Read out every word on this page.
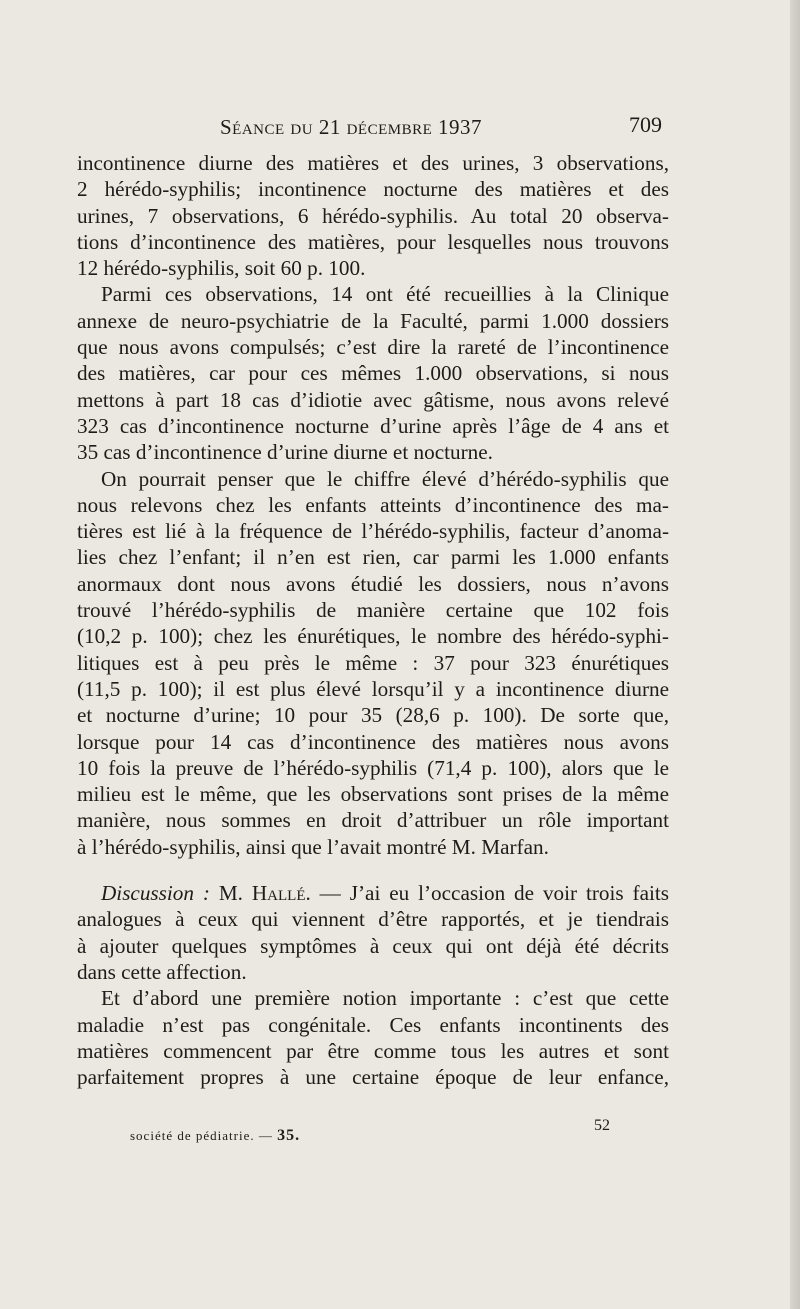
Séance du 21 décembre 1937	709
incontinence diurne des matières et des urines, 3 observations,
2 hérédo-syphilis; incontinence nocturne des matières et des
urines, 7 observations, 6 hérédo-syphilis. Au total 20 observa-
tions d’incontinence des matières, pour lesquelles nous trouvons
12 hérédo-syphilis, soit 60 p. 100.
Parmi ces observations, 14 ont été recueillies à la Clinique
annexe de neuro-psychiatrie de la Faculté, parmi 1.000 dossiers
que nous avons compulsés; c’est dire la rareté de l’incontinence
des matières, car pour ces mêmes 1.000 observations, si nous
mettons à part 18 cas d’idiotie avec gâtisme, nous avons relevé
323 cas d’incontinence nocturne d’urine après l’âge de 4 ans et
35 cas d’incontinence d’urine diurne et nocturne.
On pourrait penser que le chiffre élevé d’hérédo-syphilis que
nous relevons chez les enfants atteints d’incontinence des ma-
tières est lié à la fréquence de l’hérédo-syphilis, facteur d’anoma-
lies chez l’enfant; il n’en est rien, car parmi les 1.000 enfants
anormaux dont nous avons étudié les dossiers, nous n’avons
trouvé l’hérédo-syphilis de manière certaine que 102 fois
(10,2 p. 100); chez les énurétiques, le nombre des hérédo-syphi-
litiques est à peu près le même : 37 pour 323 énurétiques
(11,5 p. 100); il est plus élevé lorsqu’il y a incontinence diurne
et nocturne d’urine; 10 pour 35 (28,6 p. 100). De sorte que,
lorsque pour 14 cas d’incontinence des matières nous avons
10 fois la preuve de l’hérédo-syphilis (71,4 p. 100), alors que le
milieu est le même, que les observations sont prises de la même
manière, nous sommes en droit d’attribuer un rôle important
à l’hérédo-syphilis, ainsi que l’avait montré M. Marfan.
Discussion : M. Hallé. — J’ai eu l’occasion de voir trois faits
analogues à ceux qui viennent d’être rapportés, et je tiendrais
à ajouter quelques symptômes à ceux qui ont déjà été décrits
dans cette affection.
Et d’abord une première notion importante : c’est que cette
maladie n’est pas congénitale. Ces enfants incontinents des
matières commencent par être comme tous les autres et sont
parfaitement propres à une certaine époque de leur enfance,
société de pédiatrie. — 35.
52
